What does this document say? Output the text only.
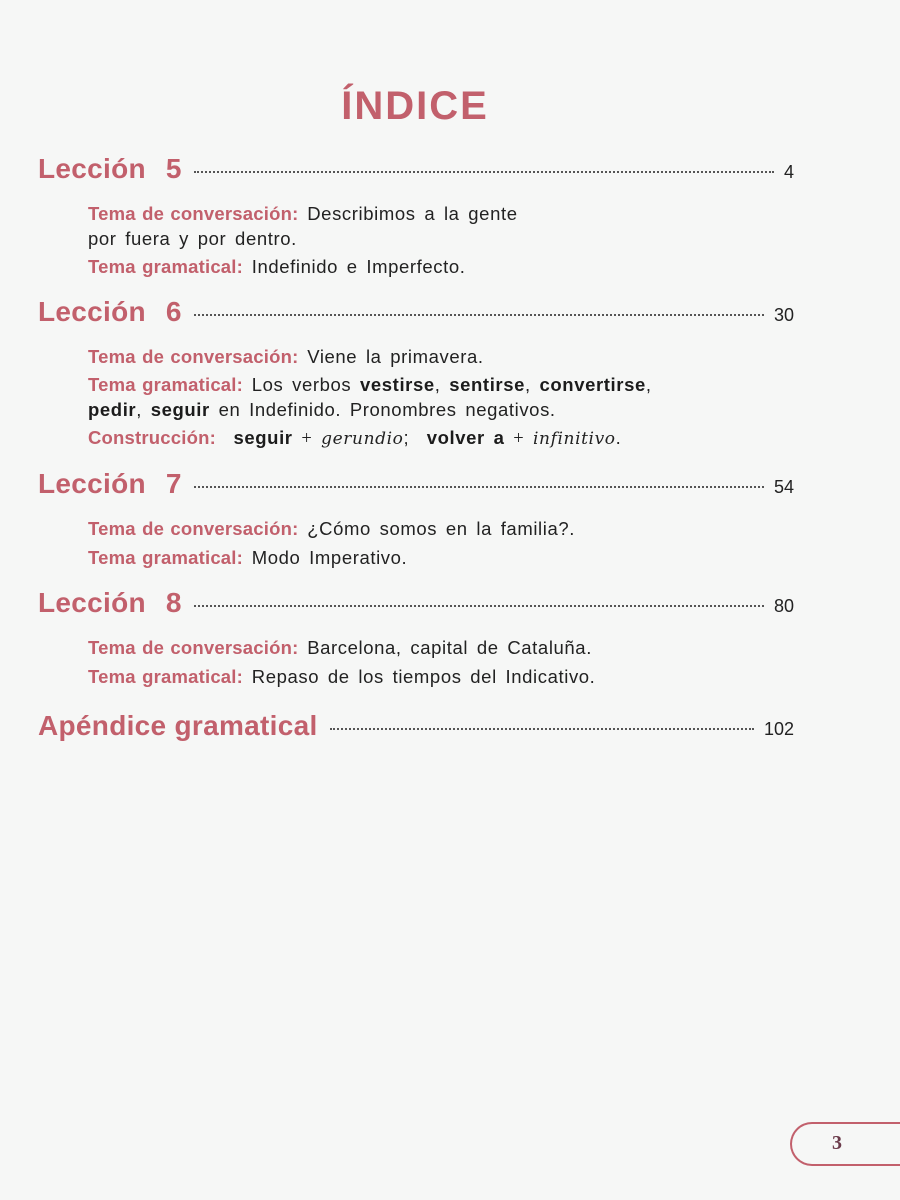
ÍNDICE
Lección 5	4
Tema de conversación: Describimos a la gente
por fuera y por dentro.
Tema gramatical: Indefinido e Imperfecto.
Lección 6	30
Tema de conversación: Viene la primavera.
Tema gramatical: Los verbos vestirse, sentirse, convertirse,
pedir, seguir en Indefinido. Pronombres negativos.
Construcción: seguir + gerundio;  volver a + infinitivo.
Lección 7	54
Tema de conversación: ¿Cómo somos en la familia?.
Tema gramatical: Modo Imperativo.
Lección 8	80
Tema de conversación: Barcelona, capital de Cataluña.
Tema gramatical: Repaso de los tiempos del Indicativo.
Apéndice gramatical	102
3
